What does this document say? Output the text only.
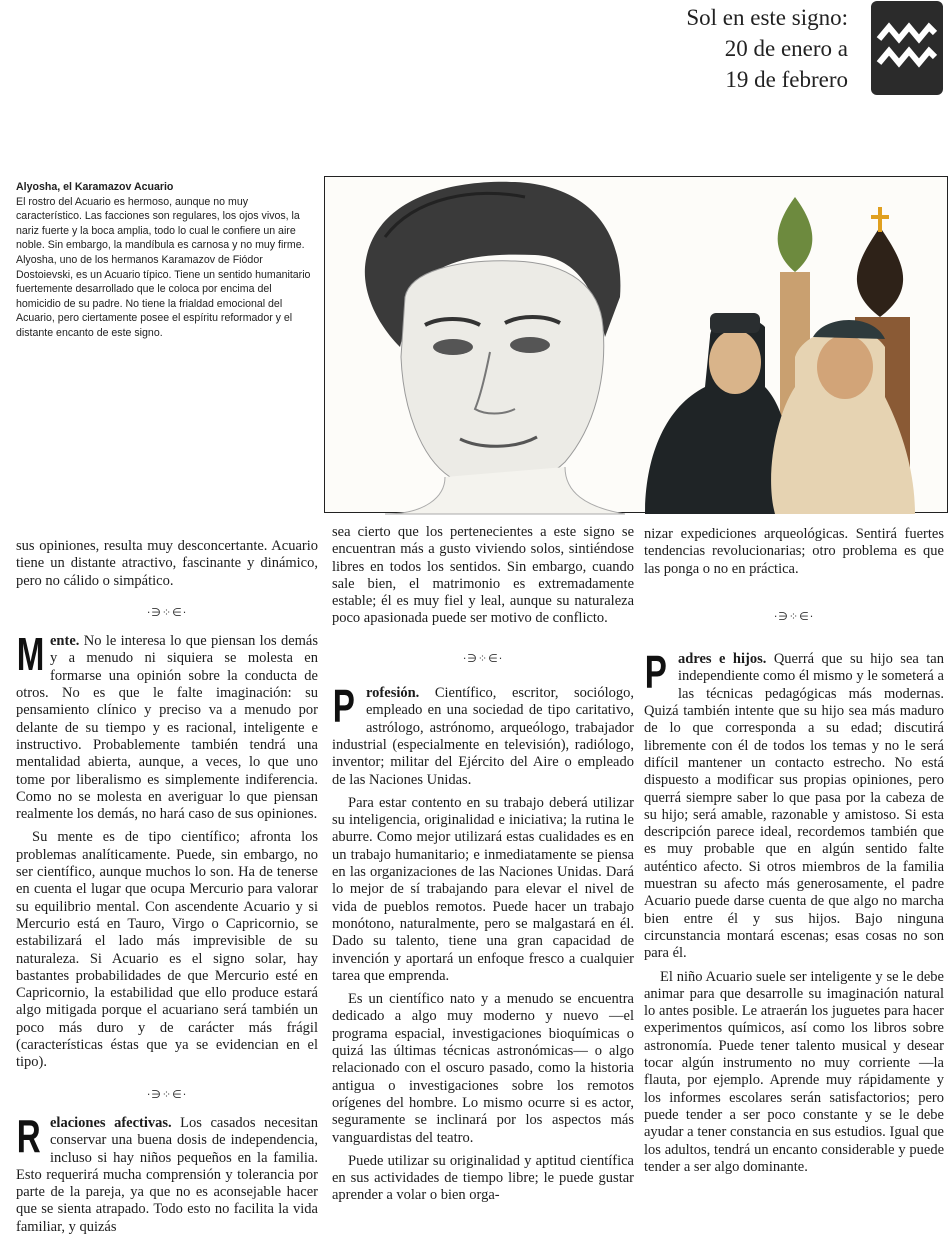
Sol en este signo:
20 de enero a
19 de febrero
Alyosha, el Karamazov Acuario
El rostro del Acuario es hermoso, aunque no muy característico. Las facciones son regulares, los ojos vivos, la nariz fuerte y la boca amplia, todo lo cual le confiere un aire noble. Sin embargo, la mandíbula es carnosa y no muy firme. Alyosha, uno de los hermanos Karamazov de Fiódor Dostoievski, es un Acuario típico. Tiene un sentido humanitario fuertemente desarrollado que le coloca por encima del homicidio de su padre. No tiene la frialdad emocional del Acuario, pero ciertamente posee el espíritu reformador y el distante encanto de este signo.

sus opiniones, resulta muy desconcertante. Acuario tiene un distante atractivo, fascinante y dinámico, pero no cálido o simpático.

·∋⁘∈·

Mente. No le interesa lo que piensan los demás y a menudo ni siquiera se molesta en formarse una opinión sobre la conducta de otros. No es que le falte imaginación: su pensamiento clínico y preciso va a menudo por delante de su tiempo y es racional, inteligente e instructivo. Probablemente también tendrá una mentalidad abierta, aunque, a veces, lo que uno tome por liberalismo es simplemente indiferencia. Como no se molesta en averiguar lo que piensan realmente los demás, no hará caso de sus opiniones.

Su mente es de tipo científico; afronta los problemas analíticamente. Puede, sin embargo, no ser científico, aunque muchos lo son. Ha de tenerse en cuenta el lugar que ocupa Mercurio para valorar su equilibrio mental. Con ascendente Acuario y si Mercurio está en Tauro, Virgo o Capricornio, se estabilizará el lado más imprevisible de su naturaleza. Si Acuario es el signo solar, hay bastantes probabilidades de que Mercurio esté en Capricornio, la estabilidad que ello produce estará algo mitigada porque el acuariano será también un poco más duro y de carácter más frágil (características éstas que ya se evidencian en el tipo).

·∋⁘∈·

Relaciones afectivas. Los casados necesitan conservar una buena dosis de independencia, incluso si hay niños pequeños en la familia. Esto requerirá mucha comprensión y tolerancia por parte de la pareja, ya que no es aconsejable hacer que se sienta atrapado. Todo esto no facilita la vida familiar, y quizás

sea cierto que los pertenecientes a este signo se encuentran más a gusto viviendo solos, sintiéndose libres en todos los sentidos. Sin embargo, cuando sale bien, el matrimonio es extremadamente estable; él es muy fiel y leal, aunque su naturaleza poco apasionada puede ser motivo de conflicto.

·∋⁘∈·

Profesión. Científico, escritor, sociólogo, empleado en una sociedad de tipo caritativo, astrólogo, astrónomo, arqueólogo, trabajador industrial (especialmente en televisión), radiólogo, inventor; militar del Ejército del Aire o empleado de las Naciones Unidas.

Para estar contento en su trabajo deberá utilizar su inteligencia, originalidad e iniciativa; la rutina le aburre. Como mejor utilizará estas cualidades es en un trabajo humanitario; e inmediatamente se piensa en las organizaciones de las Naciones Unidas. Dará lo mejor de sí trabajando para elevar el nivel de vida de pueblos remotos. Puede hacer un trabajo monótono, naturalmente, pero se malgastará en él. Dado su talento, tiene una gran capacidad de invención y aportará un enfoque fresco a cualquier tarea que emprenda.

Es un científico nato y a menudo se encuentra dedicado a algo muy moderno y nuevo —el programa espacial, investigaciones bioquímicas o quizá las últimas técnicas astronómicas— o algo relacionado con el oscuro pasado, como la historia antigua o investigaciones sobre los remotos orígenes del hombre. Lo mismo ocurre si es actor, seguramente se inclinará por los aspectos más vanguardistas del teatro.

Puede utilizar su originalidad y aptitud científica en sus actividades de tiempo libre; le puede gustar aprender a volar o bien orga-

nizar expediciones arqueológicas. Sentirá fuertes tendencias revolucionarias; otro problema es que las ponga o no en práctica.

·∋⁘∈·

Padres e hijos. Querrá que su hijo sea tan independiente como él mismo y le someterá a las técnicas pedagógicas más modernas. Quizá también intente que su hijo sea más maduro de lo que corresponda a su edad; discutirá libremente con él de todos los temas y no le será difícil mantener un contacto estrecho. No está dispuesto a modificar sus propias opiniones, pero querrá siempre saber lo que pasa por la cabeza de su hijo; será amable, razonable y amistoso. Si esta descripción parece ideal, recordemos también que es muy probable que en algún sentido falte auténtico afecto. Si otros miembros de la familia muestran su afecto más generosamente, el padre Acuario puede darse cuenta de que algo no marcha bien entre él y sus hijos. Bajo ninguna circunstancia montará escenas; esas cosas no son para él.

El niño Acuario suele ser inteligente y se le debe animar para que desarrolle su imaginación natural lo antes posible. Le atraerán los juguetes para hacer experimentos químicos, así como los libros sobre astronomía. Puede tener talento musical y desear tocar algún instrumento no muy corriente —la flauta, por ejemplo. Aprende muy rápidamente y los informes escolares serán satisfactorios; pero puede tender a ser poco constante y se le debe ayudar a tener constancia en sus estudios. Igual que los adultos, tendrá un encanto considerable y puede tender a ser algo dominante.
